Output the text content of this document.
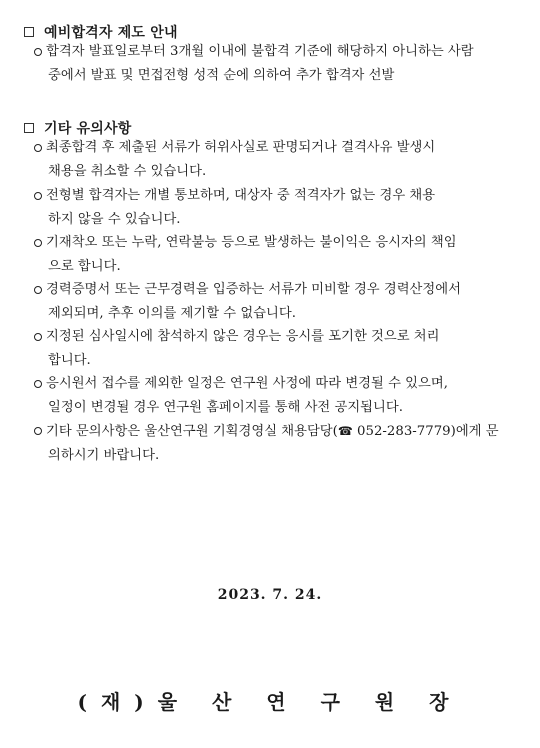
예비합격자 제도 안내
합격자 발표일로부터 3개월 이내에 불합격 기준에 해당하지 아니하는 사람
중에서 발표 및 면접전형 성적 순에 의하여 추가 합격자 선발
기타 유의사항
최종합격 후 제출된 서류가 허위사실로 판명되거나 결격사유 발생시
채용을 취소할 수 있습니다.
전형별 합격자는 개별 통보하며, 대상자 중 적격자가 없는 경우 채용
하지 않을 수 있습니다.
기재착오 또는 누락, 연락불능 등으로 발생하는 불이익은 응시자의 책임
으로 합니다.
경력증명서 또는 근무경력을 입증하는 서류가 미비할 경우 경력산정에서
제외되며, 추후 이의를 제기할 수 없습니다.
지정된 심사일시에 참석하지 않은 경우는 응시를 포기한 것으로 처리
합니다.
응시원서 접수를 제외한 일정은 연구원 사정에 따라 변경될 수 있으며,
일정이 변경될 경우 연구원 홈페이지를 통해 사전 공지됩니다.
기타 문의사항은 울산연구원 기획경영실 채용담당(☎ 052-283-7779)에게 문
의하시기 바랍니다.
2023. 7. 24.
(재)울 산 연 구 원 장
